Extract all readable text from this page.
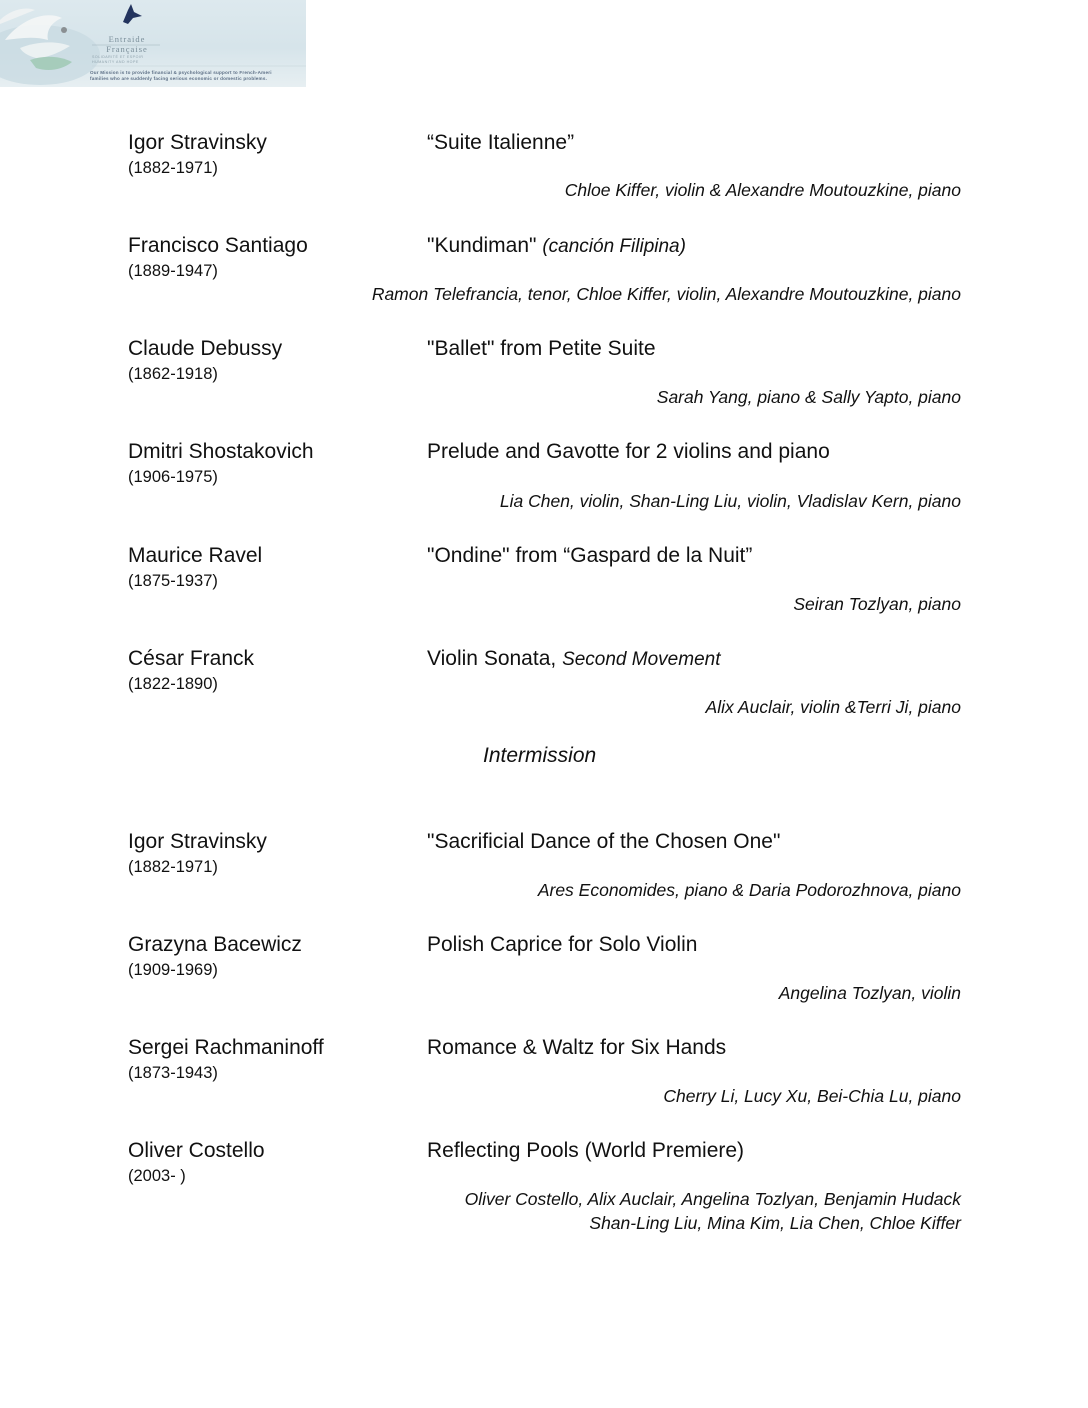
Entraide
Française
SOLIDARITÉ ET ESPOIR
HUMANITY AND HOPE
Our Mission is to provide financial & psychological support to French-Ameri
families who are suddenly facing serious economic or domestic problems.
Igor Stravinsky
(1882-1971)
“Suite Italienne”
Chloe Kiffer, violin & Alexandre Moutouzkine, piano
Francisco Santiago
(1889-1947)
"Kundiman" (canción Filipina)
Ramon Telefrancia, tenor, Chloe Kiffer, violin, Alexandre Moutouzkine, piano
Claude Debussy
(1862-1918)
"Ballet" from Petite Suite
Sarah Yang, piano & Sally Yapto, piano
Dmitri Shostakovich
(1906-1975)
Prelude and Gavotte for 2 violins and piano
Lia Chen, violin, Shan-Ling Liu, violin, Vladislav Kern, piano
Maurice Ravel
(1875-1937)
"Ondine" from “Gaspard de la Nuit”
Seiran Tozlyan, piano
César Franck
(1822-1890)
Violin Sonata, Second Movement
Alix Auclair, violin &Terri Ji, piano
Intermission
Igor Stravinsky
(1882-1971)
"Sacrificial Dance of the Chosen One"
Ares Economides, piano & Daria Podorozhnova, piano
Grazyna Bacewicz
(1909-1969)
Polish Caprice for Solo Violin
Angelina Tozlyan, violin
Sergei Rachmaninoff
(1873-1943)
Romance & Waltz for Six Hands
Cherry Li, Lucy Xu, Bei-Chia Lu, piano
Oliver Costello
(2003- )
Reflecting Pools (World Premiere)
Oliver Costello, Alix Auclair, Angelina Tozlyan, Benjamin Hudack
Shan-Ling Liu, Mina Kim, Lia Chen, Chloe Kiffer
